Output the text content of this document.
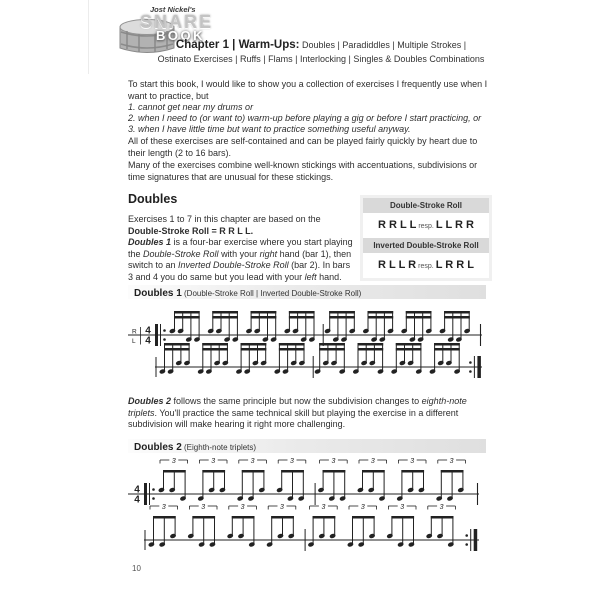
Jost Nickel's
SNARE
BOOK
Chapter 1 | Warm-Ups: Doubles | Paradiddles | Multiple Strokes |
Ostinato Exercises | Ruffs | Flams | Interlocking | Singles & Doubles Combinations

To start this book, I would like to show you a collection of exercises I frequently use when I want to practice, but

1. cannot get near my drums or
2. when I need to (or want to) warm-up before playing a gig or before I start practicing, or
3. when I have little time but want to practice something useful anyway.

All of these exercises are self-contained and can be played fairly quickly by heart due to their length (2 to 16 bars).

Many of the exercises combine well-known stickings with accentuations, subdivisions or time signatures that are unusual for these stickings.

Doubles

Exercises 1 to 7 in this chapter are based on the Double-Stroke Roll = R R L L.

Doubles 1 is a four-bar exercise where you start playing the Double-Stroke Roll with your right hand (bar 1), then switch to an Inverted Double-Stroke Roll (bar 2). In bars 3 and 4 you do same but you lead with your left hand.

Double-Stroke Roll
R R L L resp. L L R R
Inverted Double-Stroke Roll
R L L R resp. L R R L
Doubles 1 (Double-Stroke Roll | Inverted Double-Stroke Roll)
R
L
4
4

Doubles 2 follows the same principle but now the subdivision changes to eighth-note triplets. You'll practice the same technical skill but playing the exercise in a different subdivision will make hearing it right more challenging.

Doubles 2 (Eighth-note triplets)
4
4
3	3	3	3	3	3	3	3
3	3	3	3	3	3	3	3
10
